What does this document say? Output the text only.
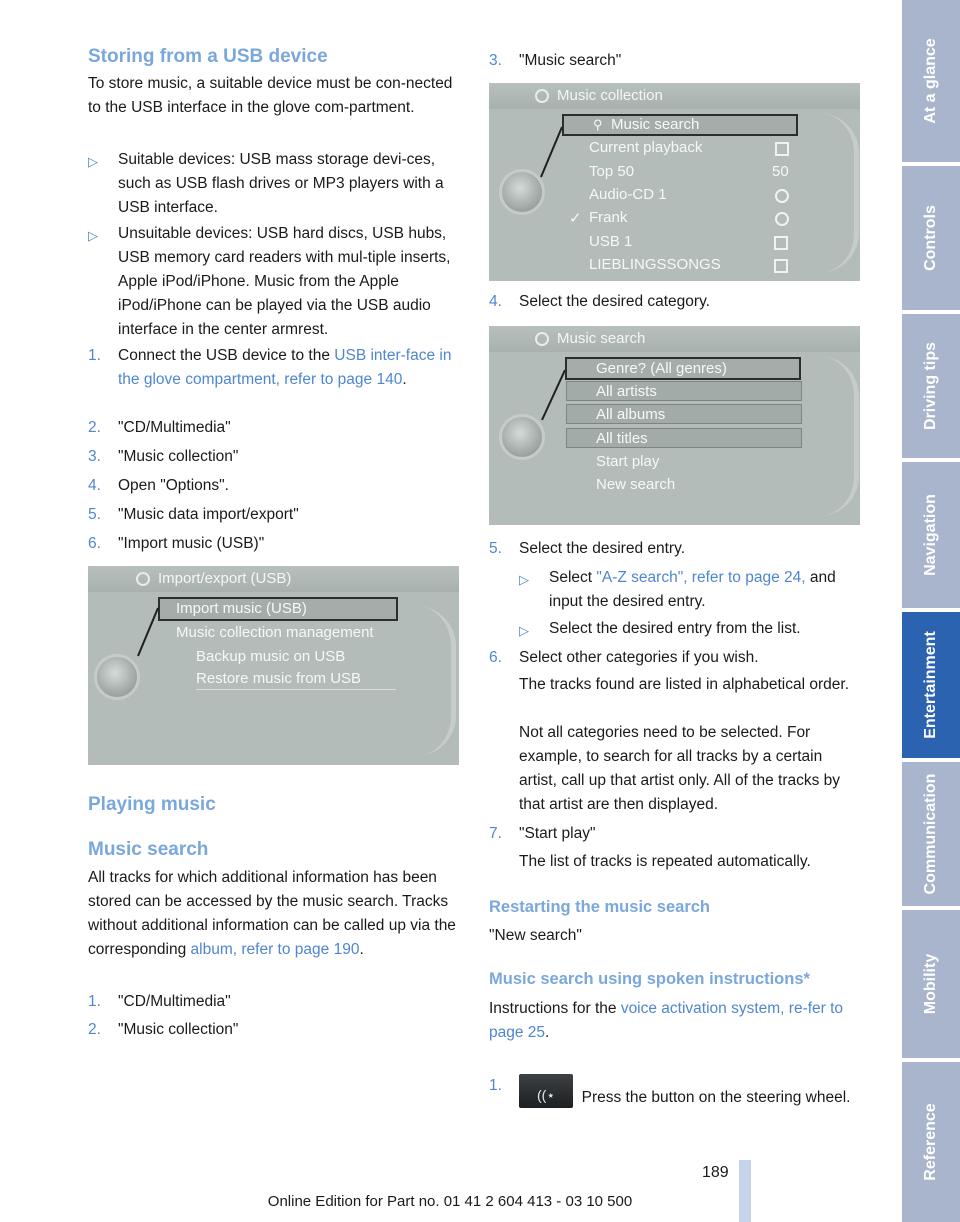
Storing from a USB device
To store music, a suitable device must be con-nected to the USB interface in the glove com-partment.
▷ Suitable devices: USB mass storage devi-ces, such as USB flash drives or MP3 players with a USB interface.
▷ Unsuitable devices: USB hard discs, USB hubs, USB memory card readers with mul-tiple inserts, Apple iPod/iPhone. Music from the Apple iPod/iPhone can be played via the USB audio interface in the center armrest.
1. Connect the USB device to the USB inter-face in the glove compartment, refer to page 140.
2. "CD/Multimedia"
3. "Music collection"
4. Open "Options".
5. "Music data import/export"
6. "Import music (USB)"
Import/export (USB)
Import music (USB)
Music collection management
Backup music on USB
Restore music from USB
Playing music
Music search
All tracks for which additional information has been stored can be accessed by the music search. Tracks without additional information can be called up via the corresponding album, refer to page 190.
1. "CD/Multimedia"
2. "Music collection"
3. "Music search"
Music collection
⚲ Music search
Current playback
Top 50
Audio-CD 1
✓ Frank
USB 1
LIEBLINGSSONGS
50
4. Select the desired category.
Music search
Genre? (All genres)
All artists
All albums
All titles
Start play
New search
5. Select the desired entry.
▷ Select "A-Z search", refer to page 24, and input the desired entry.
▷ Select the desired entry from the list.
6. Select other categories if you wish.
The tracks found are listed in alphabetical order.
Not all categories need to be selected. For example, to search for all tracks by a certain artist, call up that artist only. All of the tracks by that artist are then displayed.
7. "Start play"
The list of tracks is repeated automatically.
Restarting the music search
"New search"
Music search using spoken instructions*
Instructions for the voice activation system, re-fer to page 25.
1.
((⋆ Press the button on the steering wheel.
At a glance
Controls
Driving tips
Navigation
Entertainment
Communication
Mobility
Reference
189
Online Edition for Part no. 01 41 2 604 413 - 03 10 500
